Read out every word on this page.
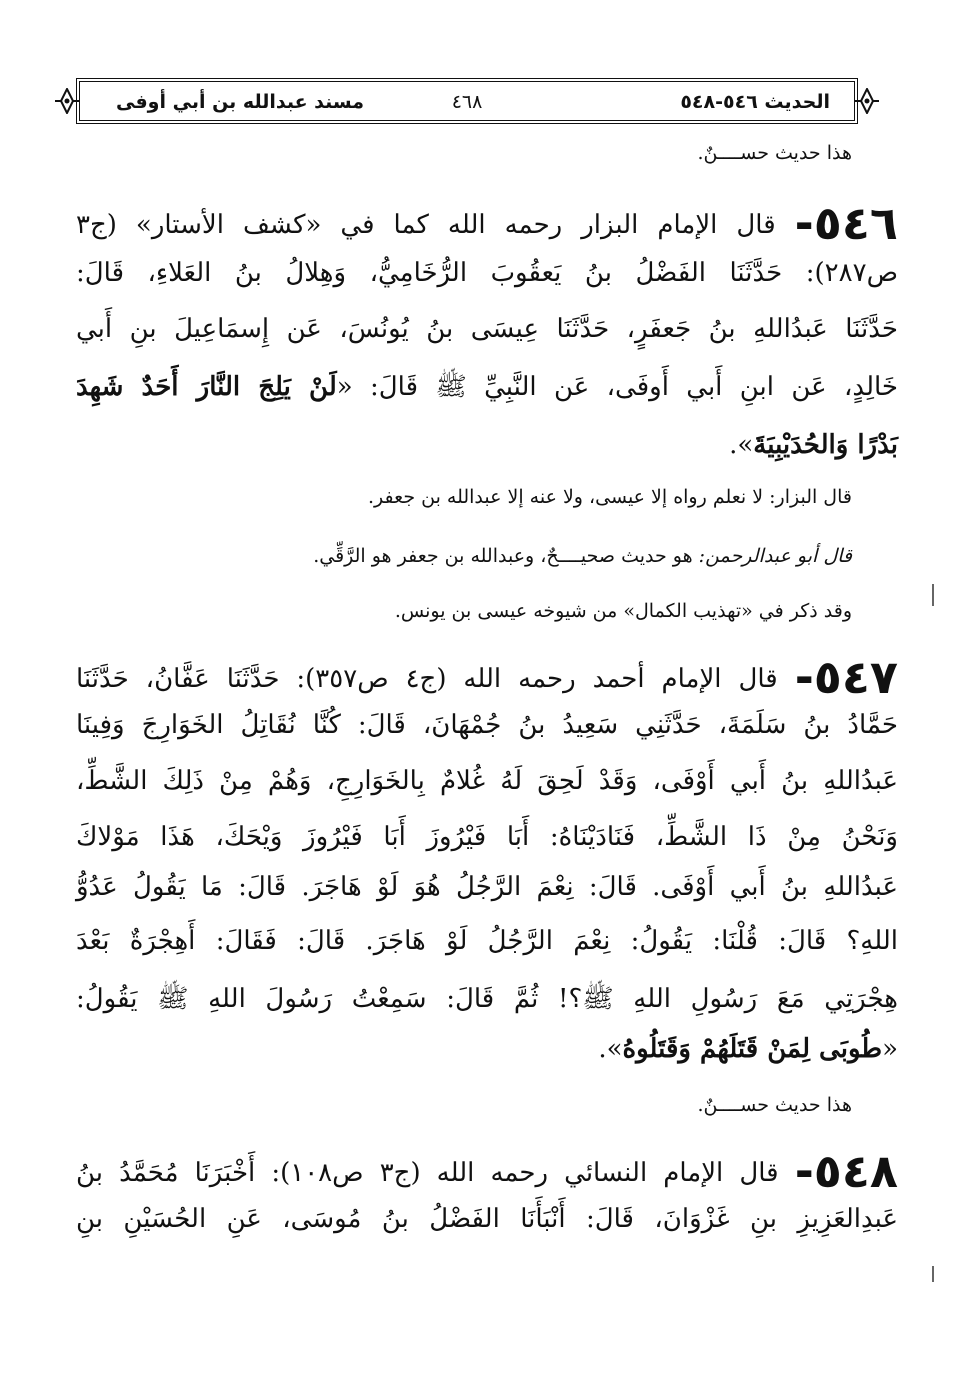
الحديث ٥٤٦-٥٤٨
٤٦٨
مسند عبدالله بن أبي أوفى
هذا حديث حســــنٌ.
٥٤٦- قال الإمام البزار رحمه الله كما في «كشف الأستار» (ج٣
ص٢٨٧): حَدَّثَنَا الفَضْلُ بنُ يَعقُوبَ الرُّخَامِيُّ، وَهِلالُ بنُ العَلاءِ، قَالَ:
حَدَّثَنَا عَبدُاللهِ بنُ جَعفَرٍ، حَدَّثَنَا عِيسَى بنُ يُونُسَ، عَن إِسمَاعِيلَ بنِ أَبي
خَالِدٍ، عَن ابنِ أَبي أَوفَى، عَن النَّبِيِّ ﷺ قَالَ: «لَنْ يَلِجَ النَّارَ أَحَدٌ شَهِدَ
بَدْرًا وَالحُدَيْبِيَةَ».
قال البزار: لا نعلم رواه إلا عيسى، ولا عنه إلا عبدالله بن جعفر.
قال أبو عبدالرحمن: هو حديث صحيــــحٌ، وعبدالله بن جعفر هو الرَّقِّي.
وقد ذكر في «تهذيب الكمال» من شيوخه عيسى بن يونس.
٥٤٧- قال الإمام أحمد رحمه الله (ج٤ ص٣٥٧): حَدَّثَنَا عَفَّانُ، حَدَّثَنَا
حَمَّادُ بنُ سَلَمَةَ، حَدَّثَنِي سَعِيدُ بنُ جُمْهَانَ، قَالَ: كُنَّا نُقَاتِلُ الخَوَارِجَ وَفِينَا
عَبدُاللهِ بنُ أَبي أَوْفَى، وَقَدْ لَحِقَ لَهُ غُلامٌ بِالخَوَارِجِ، وَهُمْ مِنْ ذَلِكَ الشَّطِّ،
وَنَحْنُ مِنْ ذَا الشَّطِّ، فَنَادَيْنَاهُ: أَبَا فَيْرُوزَ أَبَا فَيْرُوزَ وَيْحَكَ، هَذَا مَوْلاكَ
عَبدُاللهِ بنُ أَبي أَوْفَى. قَالَ: نِعْمَ الرَّجُلُ هُوَ لَوْ هَاجَرَ. قَالَ: مَا يَقُولُ عَدُوُّ
اللهِ؟ قَالَ: قُلْنَا: يَقُولُ: نِعْمَ الرَّجُلُ لَوْ هَاجَرَ. قَالَ: فَقَالَ: أَهِجْرَةٌ بَعْدَ
هِجْرَتِي مَعَ رَسُولِ اللهِ ﷺ؟! ثُمَّ قَالَ: سَمِعْتُ رَسُولَ اللهِ ﷺ يَقُولُ:
«طُوبَى لِمَنْ قَتَلَهُمْ وَقَتَلُوهُ».
هذا حديث حســــنٌ.
٥٤٨- قال الإمام النسائي رحمه الله (ج٣ ص١٠٨): أَخْبَرَنَا مُحَمَّدُ بنُ
عَبدِالعَزِيزِ بنِ غَزْوَانَ، قَالَ: أَنْبَأَنَا الفَضْلُ بنُ مُوسَى، عَنِ الحُسَيْنِ بنِ
